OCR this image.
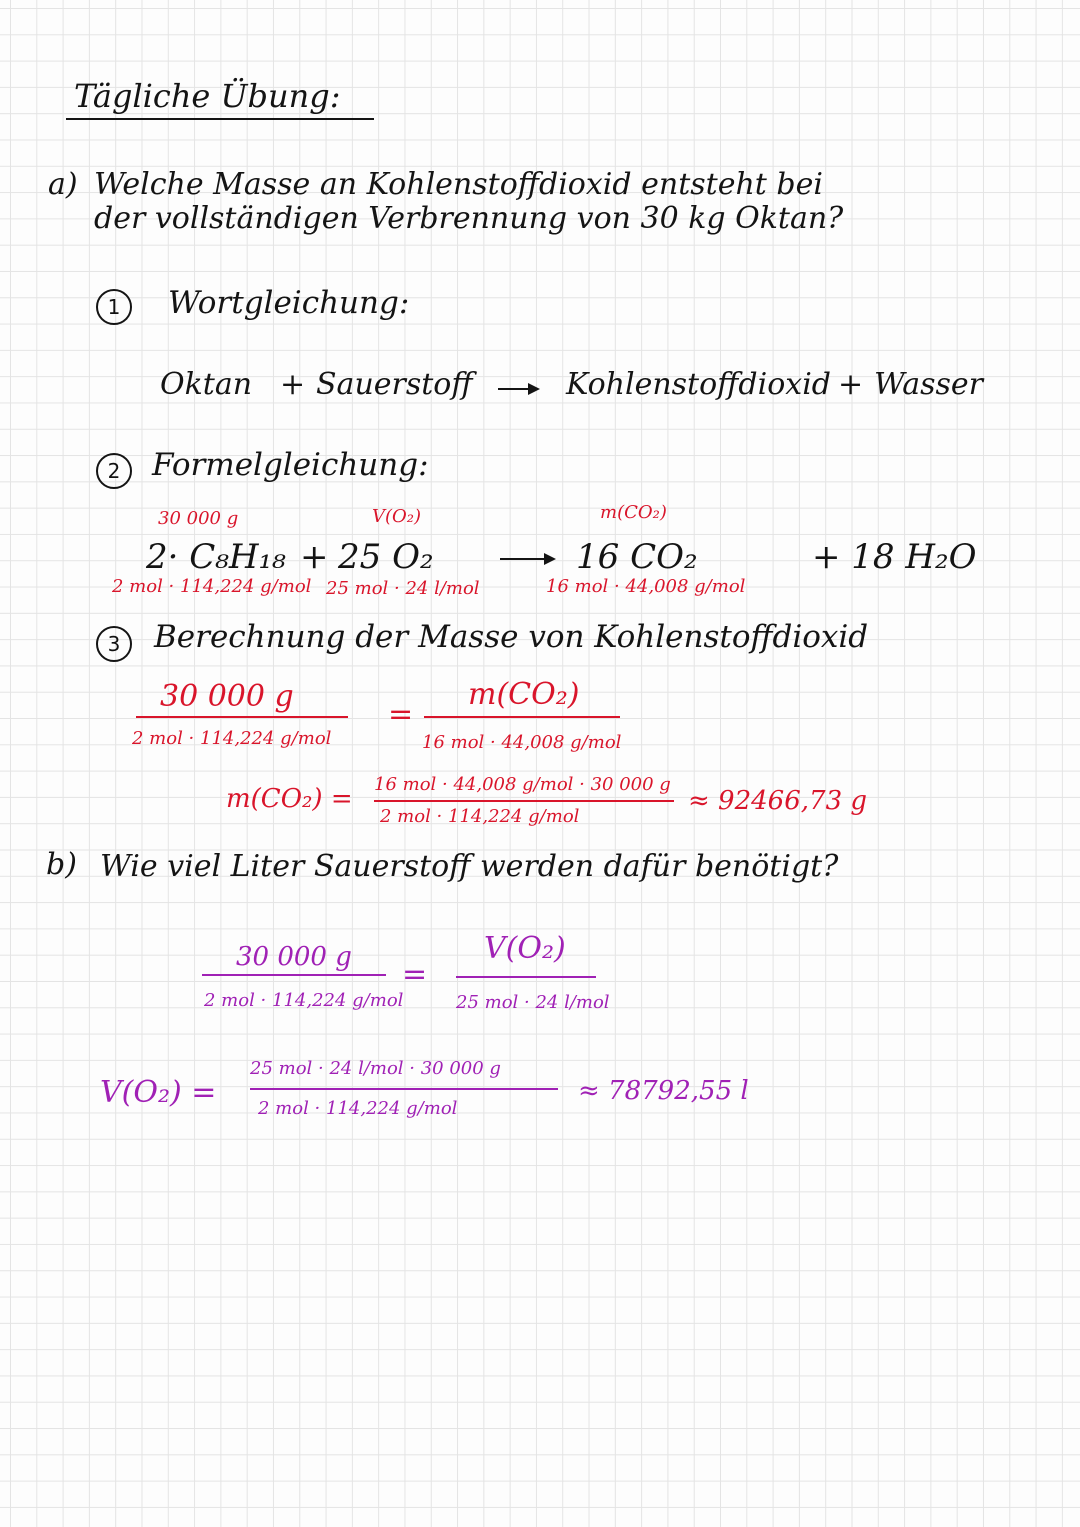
Tägliche Übung:
a) Welche Masse an Kohlenstoffdioxid entsteht bei
der vollständigen Verbrennung von 30 kg Oktan?
1	Wortgleichung:
Oktan + Sauerstoff	Kohlenstoffdioxid + Wasser
2	Formelgleichung:
30 000 g	V(O₂)	m(CO₂)
2· C₈H₁₈ + 25 O₂	16 CO₂	+ 18 H₂O
2 mol · 114,224 g/mol 25 mol · 24 l/mol	16 mol · 44,008 g/mol
3	Berechnung der Masse von Kohlenstoffdioxid
30 000 g
2 mol · 114,224 g/mol
=
m(CO₂)
16 mol · 44,008 g/mol
m(CO₂) = 16 mol · 44,008 g/mol · 30 000 g
2 mol · 114,224 g/mol
≈ 92466,73 g
b) Wie viel Liter Sauerstoff werden dafür benötigt?
30 000 g
2 mol · 114,224 g/mol
=
V(O₂)
25 mol · 24 l/mol
V(O₂) =
25 mol · 24 l/mol · 30 000 g
2 mol · 114,224 g/mol
≈ 78792,55 l
